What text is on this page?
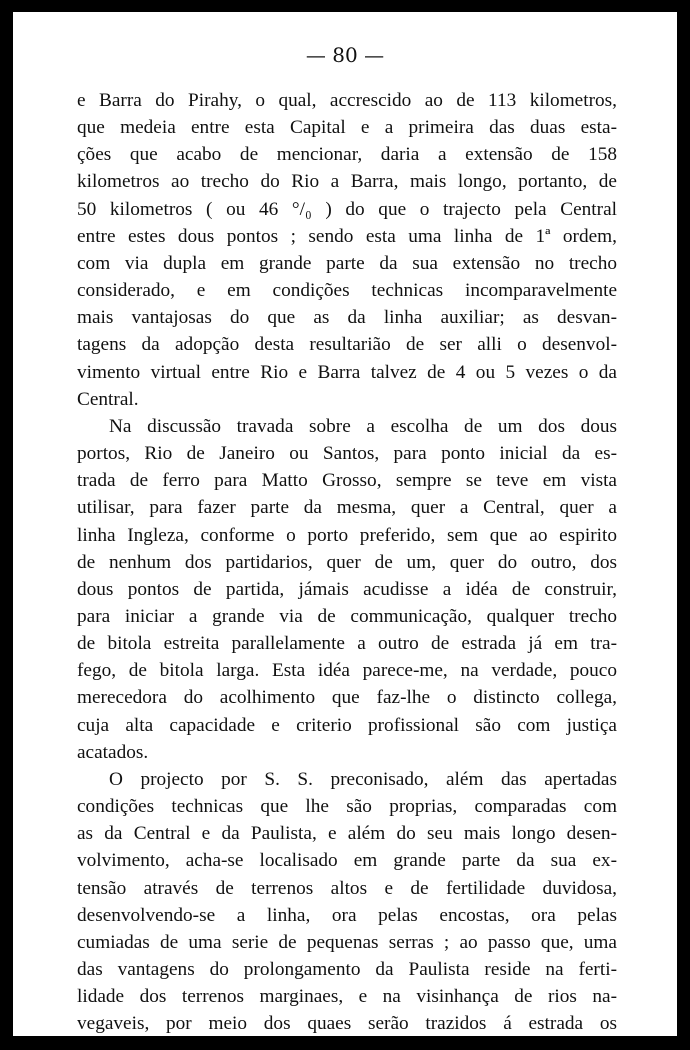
— 80 —

e Barra do Pirahy, o qual, accrescido ao de 113 kilometros,
que medeia entre esta Capital e a primeira das duas esta-
ções que acabo de mencionar, daria a extensão de 158
kilometros ao trecho do Rio a Barra, mais longo, portanto, de
50 kilometros ( ou 46 °/₀ ) do que o trajecto pela Central
entre estes dous pontos ; sendo esta uma linha de 1ª ordem,
com via dupla em grande parte da sua extensão no trecho
considerado, e em condições technicas incomparavelmente
mais vantajosas do que as da linha auxiliar; as desvan-
tagens da adopção desta resultarião de ser alli o desenvol-
vimento virtual entre Rio e Barra talvez de 4 ou 5 vezes o da
Central.

Na discussão travada sobre a escolha de um dos dous
portos, Rio de Janeiro ou Santos, para ponto inicial da es-
trada de ferro para Matto Grosso, sempre se teve em vista
utilisar, para fazer parte da mesma, quer a Central, quer a
linha Ingleza, conforme o porto preferido, sem que ao espirito
de nenhum dos partidarios, quer de um, quer do outro, dos
dous pontos de partida, jámais acudisse a idéa de construir,
para iniciar a grande via de communicação, qualquer trecho
de bitola estreita parallelamente a outro de estrada já em tra-
fego, de bitola larga. Esta idéa parece-me, na verdade, pouco
merecedora do acolhimento que faz-lhe o distincto collega,
cuja alta capacidade e criterio profissional são com justiça
acatados.

O projecto por S. S. preconisado, além das apertadas
condições technicas que lhe são proprias, comparadas com
as da Central e da Paulista, e além do seu mais longo desen-
volvimento, acha-se localisado em grande parte da sua ex-
tensão através de terrenos altos e de fertilidade duvidosa,
desenvolvendo-se a linha, ora pelas encostas, ora pelas
cumiadas de uma serie de pequenas serras ; ao passo que, uma
das vantagens do prolongamento da Paulista reside na ferti-
lidade dos terrenos marginaes, e na visinhança de rios na-
vegaveis, por meio dos quaes serão trazidos á estrada os
